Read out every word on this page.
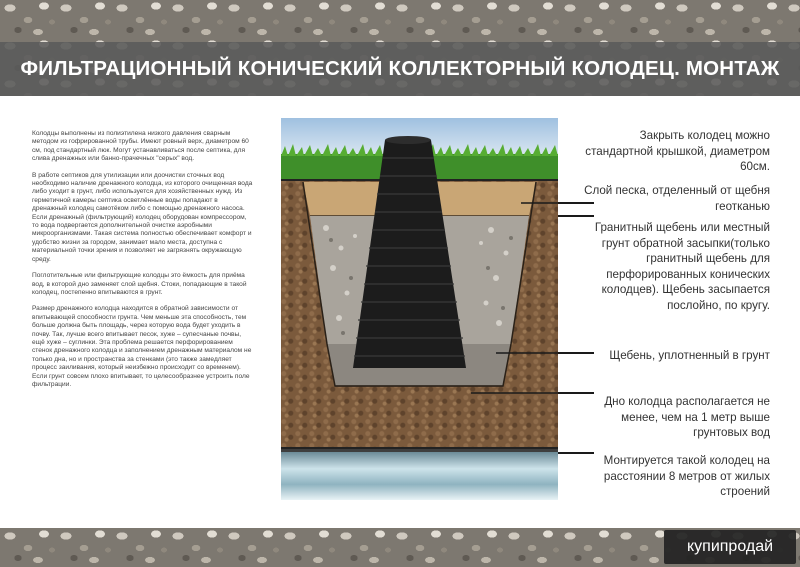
ФИЛЬТРАЦИОННЫЙ КОНИЧЕСКИЙ КОЛЛЕКТОРНЫЙ КОЛОДЕЦ. МОНТАЖ

Колодцы выполнены из полиэтилена низкого давления сварным методом из гофрированной трубы. Имеют ровный верх, диаметром 60 см, под стандартный люк. Могут устанавливаться после септика, для слива дренажных или банно-прачечных "серых" вод.

В работе септиков для утилизации или доочистки сточных вод необходимо наличие дренажного колодца, из которого очищенная вода либо уходит в грунт, либо используется для хозяйственных нужд. Из герметичной камеры септика осветлённые воды попадают в дренажный колодец самотёком либо с помощью дренажного насоса. Если дренажный (фильтрующий) колодец оборудован компрессором, то вода подвергается дополнительной очистке аэробными микроорганизмами. Такая система полностью обеспечивает комфорт и удобство жизни за городом, занимает мало места, доступна с материальной точки зрения и позволяет не загрязнять окружающую среду.

Поглотительные или фильтрующие колодцы это ёмкость для приёма вод, в которой дно заменяет слой щебня. Стоки, попадающие в такой колодец, постепенно впитываются в грунт.

Размер дренажного колодца находится в обратной зависимости от впитывающей способности грунта. Чем меньше эта способность, тем больше должна быть площадь, через которую вода будет уходить в почву. Так, лучше всего впитывает песок, хуже – супесчаные почвы, ещё хуже – суглинки. Эта проблема решается перфорированием стенок дренажного колодца и заполнением дренажным материалом не только дна, но и пространства за стенками (это также замедляет процесс заиливания, который неизбежно происходит со временем). Если грунт совсем плохо впитывает, то целесообразнее устроить поле фильтрации.

Закрыть колодец можно стандартной крышкой, диаметром 60см.
Слой песка, отделенный от щебня геотканью
Гранитный щебень или местный грунт обратной засыпки(только гранитный щебень для перфорированных конических колодцев). Щебень засыпается послойно, по кругу.
Щебень, уплотненный в грунт
Дно колодца располагается не менее, чем на 1 метр выше грунтовых вод
Монтируется такой колодец на расстоянии 8 метров от жилых строений
купипродай
